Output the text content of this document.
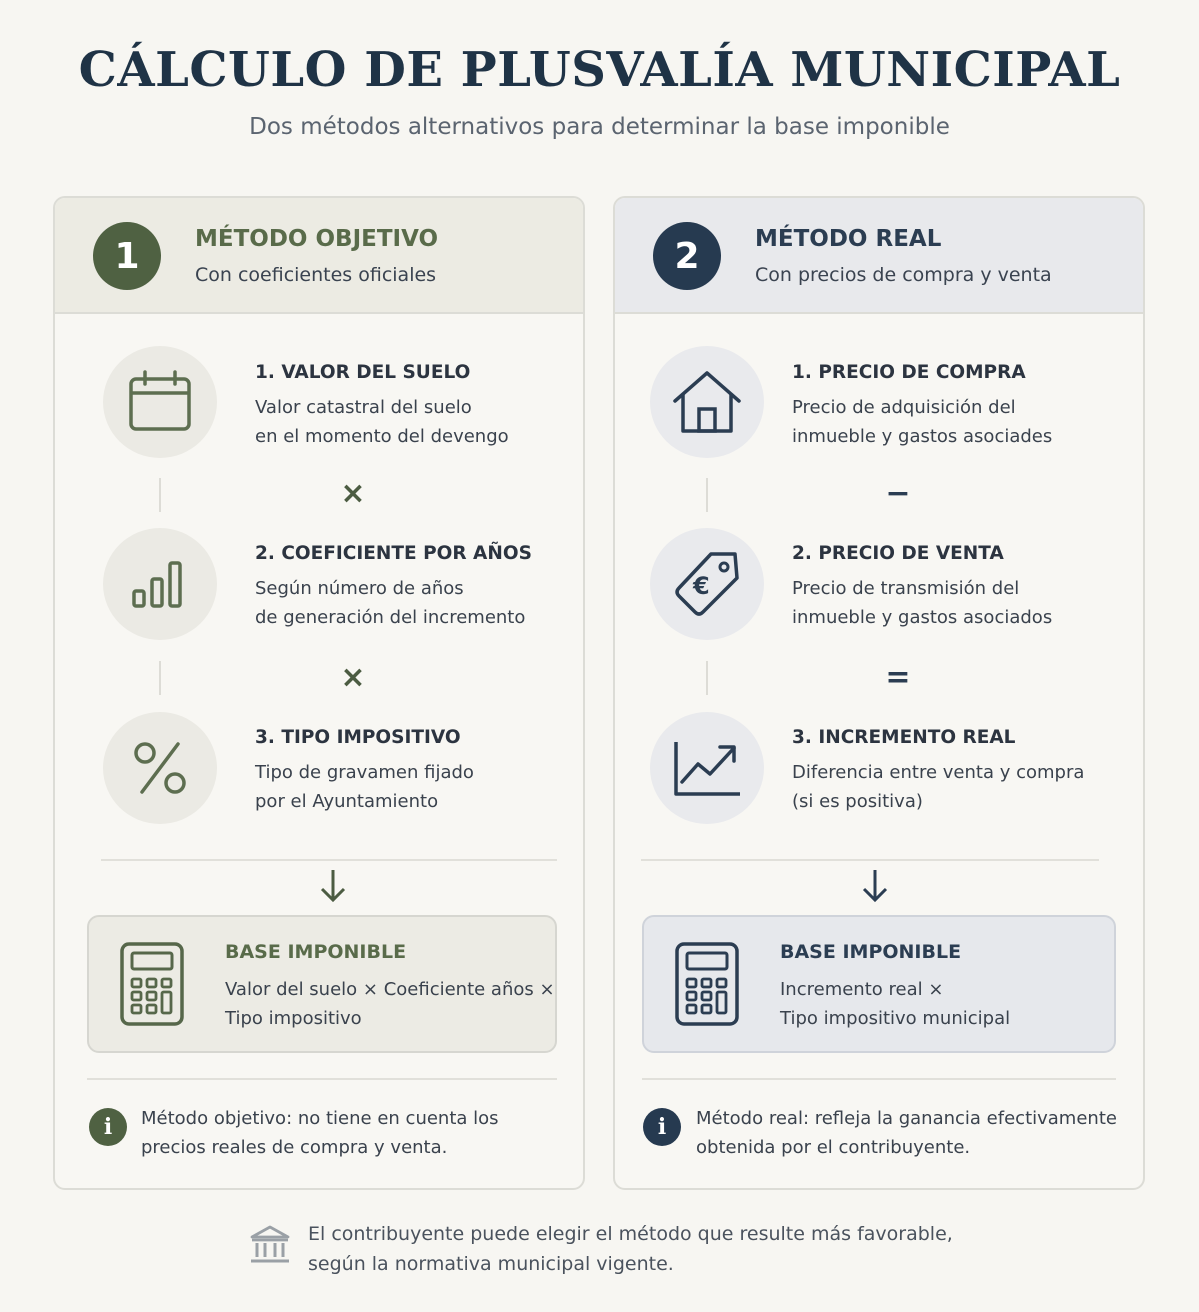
CÁLCULO DE PLUSVALÍA MUNICIPAL
Dos métodos alternativos para determinar la base imponible
1	MÉTODO OBJETIVO
Con coeficientes oficiales
1. VALOR DEL SUELO
Valor catastral del suelo
en el momento del devengo
×
2. COEFICIENTE POR AÑOS
Según número de años
de generación del incremento
×
3. TIPO IMPOSITIVO
Tipo de gravamen fijado
por el Ayuntamiento
BASE IMPONIBLE
Valor del suelo × Coeficiente años ×
Tipo impositivo
i	Método objetivo: no tiene en cuenta los
precios reales de compra y venta.
2	MÉTODO REAL
Con precios de compra y venta
1. PRECIO DE COMPRA
Precio de adquisición del
inmueble y gastos asociades
−
€
2. PRECIO DE VENTA
Precio de transmisión del
inmueble y gastos asociados
=
3. INCREMENTO REAL
Diferencia entre venta y compra
(si es positiva)
BASE IMPONIBLE
Incremento real ×
Tipo impositivo municipal
i	Método real: refleja la ganancia efectivamente
obtenida por el contribuyente.
El contribuyente puede elegir el método que resulte más favorable,
según la normativa municipal vigente.
